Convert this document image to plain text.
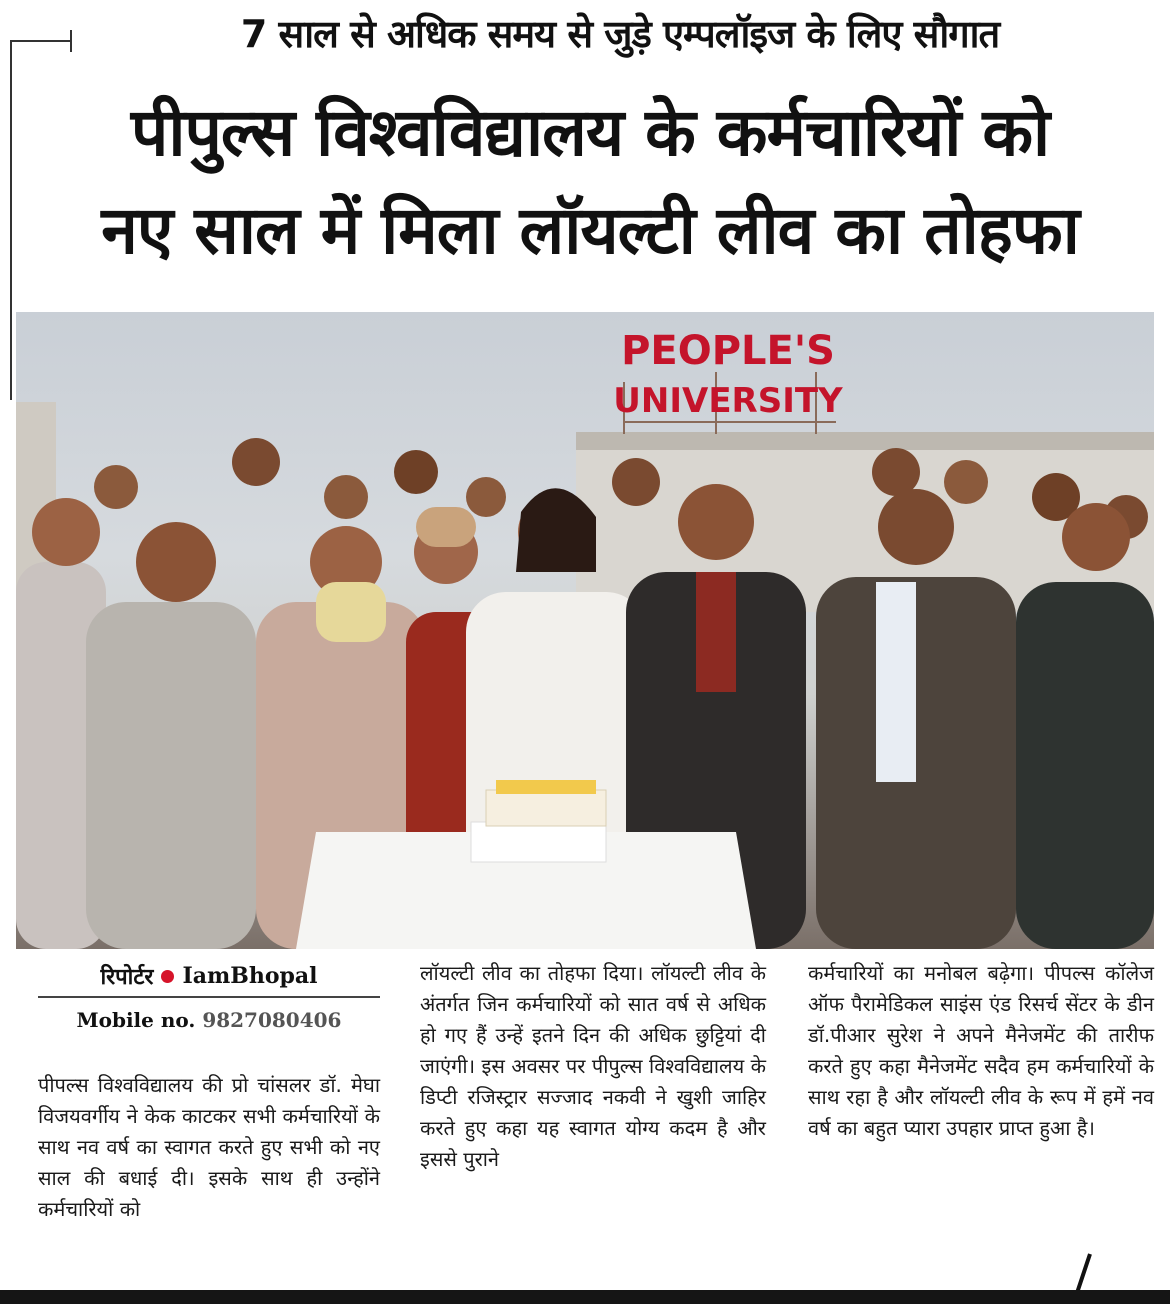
7 साल से अधिक समय से जुड़े एम्पलॉइज के लिए सौगात
पीपुल्स विश्वविद्यालय के कर्मचारियों को
नए साल में मिला लॉयल्टी लीव का तोहफा
PEOPLE'S
UNIVERSITY
रिपोर्टर IamBhopal
Mobile no. 9827080406

पीपल्स विश्वविद्यालय की प्रो चांसलर डॉ. मेघा विजयवर्गीय ने केक काटकर सभी कर्मचारियों के साथ नव वर्ष का स्वागत करते हुए सभी को नए साल की बधाई दी। इसके साथ ही उन्होंने कर्मचारियों को

लॉयल्टी लीव का तोहफा दिया। लॉयल्टी लीव के अंतर्गत जिन कर्मचारियों को सात वर्ष से अधिक हो गए हैं उन्हें इतने दिन की अधिक छुट्टियां दी जाएंगी। इस अवसर पर पीपुल्स विश्वविद्यालय के डिप्टी रजिस्ट्रार सज्जाद नकवी ने खुशी जाहिर करते हुए कहा यह स्वागत योग्य कदम है और इससे पुराने

कर्मचारियों का मनोबल बढ़ेगा। पीपल्स कॉलेज ऑफ पैरामेडिकल साइंस एंड रिसर्च सेंटर के डीन डॉ.पीआर सुरेश ने अपने मैनेजमेंट की तारीफ करते हुए कहा मैनेजमेंट सदैव हम कर्मचारियों के साथ रहा है और लॉयल्टी लीव के रूप में हमें नव वर्ष का बहुत प्यारा उपहार प्राप्त हुआ है।
